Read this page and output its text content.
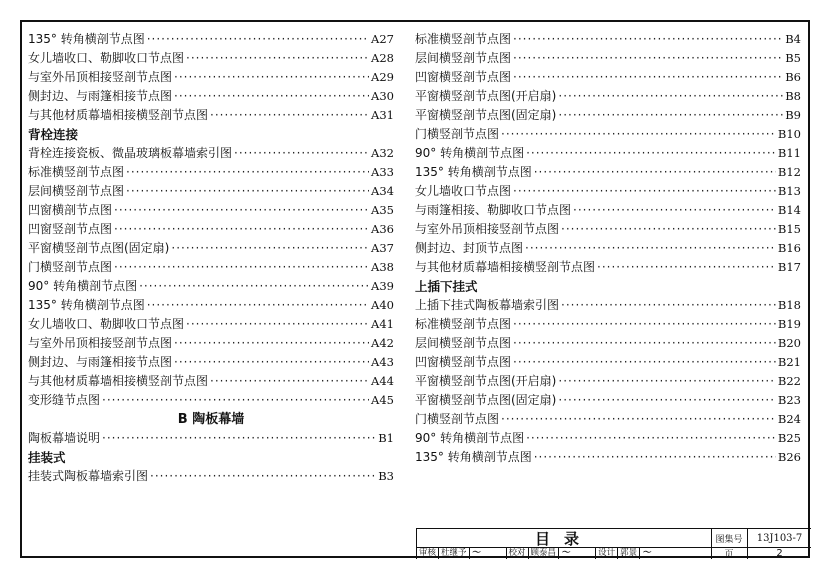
135° 转角横剖节点图 ·····	A27
女儿墙收口、勒脚收口节点图 ·····	A28
与室外吊顶相接竖剖节点图 ·····	A29
侧封边、与雨篷相接节点图 ·····	A30
与其他材质幕墙相接横竖剖节点图 ·····	A31
背栓连接
背栓连接瓷板、微晶玻璃板幕墙索引图 ·····	A32
标准横竖剖节点图 ·····	A33
层间横竖剖节点图 ·····	A34
凹窗横剖节点图 ·····	A35
凹窗竖剖节点图 ·····	A36
平窗横竖剖节点图(固定扇) ·····	A37
门横竖剖节点图 ·····	A38
90° 转角横剖节点图 ·····	A39
135° 转角横剖节点图 ·····	A40
女儿墙收口、勒脚收口节点图 ·····	A41
与室外吊顶相接竖剖节点图 ·····	A42
侧封边、与雨篷相接节点图 ·····	A43
与其他材质幕墙相接横竖剖节点图 ·····	A44
变形缝节点图 ·····	A45
B 陶板幕墙
陶板幕墙说明 ·····	B1
挂装式
挂装式陶板幕墙索引图 ·····	B3
标准横竖剖节点图 ·····	B4
层间横竖剖节点图 ·····	B5
凹窗横竖剖节点图 ·····	B6
平窗横竖剖节点图(开启扇) ·····	B8
平窗横竖剖节点图(固定扇) ·····	B9
门横竖剖节点图 ·····	B10
90° 转角横剖节点图 ·····	B11
135° 转角横剖节点图 ·····	B12
女儿墙收口节点图 ·····	B13
与雨篷相接、勒脚收口节点图 ·····	B14
与室外吊顶相接竖剖节点图 ·····	B15
侧封边、封顶节点图 ·····	B16
与其他材质幕墙相接横竖剖节点图 ·····	B17
上插下挂式
上插下挂式陶板幕墙索引图 ·····	B18
标准横竖剖节点图 ·····	B19
层间横竖剖节点图 ·····	B20
凹窗横竖剖节点图 ·····	B21
平窗横竖剖节点图(开启扇) ·····	B22
平窗横竖剖节点图(固定扇) ·····	B23
门横竖剖节点图 ·····	B24
90° 转角横剖节点图 ·····	B25
135° 转角横剖节点图 ·····	B26
目录	图集号	13J103-7
审核 杜继予 ～	校对 顾泰昌 ～	设计 郭景 ～	页	2
